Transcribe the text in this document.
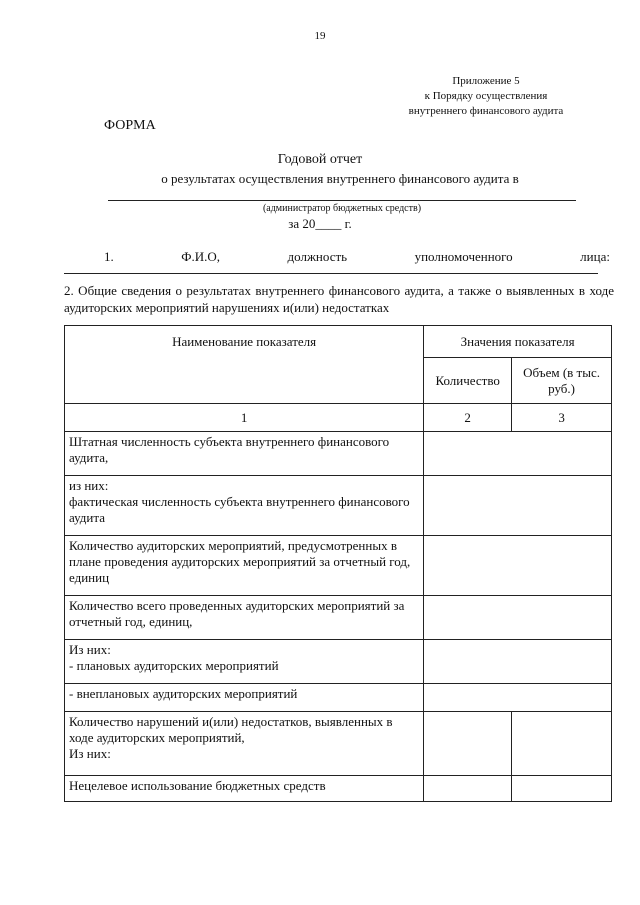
19
Приложение 5
к Порядку осуществления
внутреннего финансового аудита
ФОРМА
Годовой отчет
о результатах осуществления внутреннего финансового аудита в
(администратор бюджетных средств)
за 20____ г.
1.	Ф.И.О,	должность	уполномоченного	лица:
2. Общие сведения о результатах внутреннего финансового аудита, а также о выявленных в ходе аудиторских мероприятий нарушениях и(или) недостатках
Наименование показателя	Значения показателя	
	Количество	Объем (в тыс. руб.)
1	2	3
Штатная численность субъекта внутреннего финансового аудита,		
из них:
фактическая численность субъекта внутреннего финансового аудита		
Количество аудиторских мероприятий, предусмотренных в плане проведения аудиторских мероприятий за отчетный год, единиц		
Количество всего проведенных аудиторских мероприятий за отчетный год, единиц,		
Из них:
- плановых аудиторских мероприятий		
- внеплановых аудиторских мероприятий		
Количество нарушений и(или) недостатков, выявленных в ходе аудиторских мероприятий,
Из них:		
Нецелевое использование бюджетных средств		
